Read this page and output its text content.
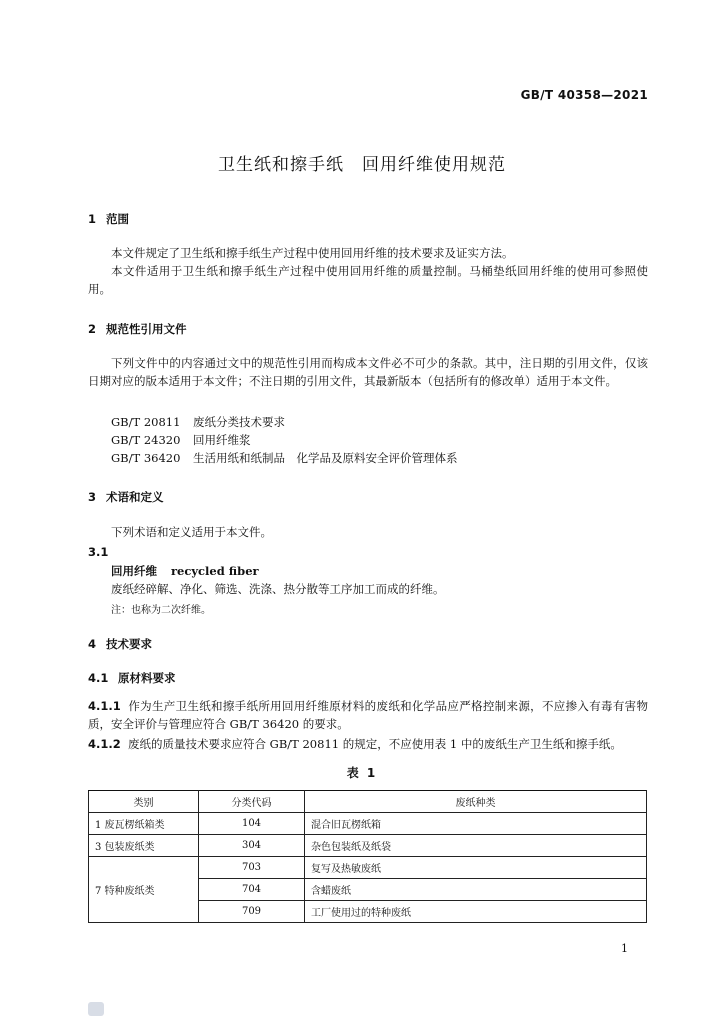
GB/T 40358—2021
卫生纸和擦手纸　回用纤维使用规范
1 范围
本文件规定了卫生纸和擦手纸生产过程中使用回用纤维的技术要求及证实方法。
本文件适用于卫生纸和擦手纸生产过程中使用回用纤维的质量控制。马桶垫纸回用纤维的使用可参照使用。
2 规范性引用文件
下列文件中的内容通过文中的规范性引用而构成本文件必不可少的条款。其中，注日期的引用文件，仅该日期对应的版本适用于本文件；不注日期的引用文件，其最新版本（包括所有的修改单）适用于本文件。
GB/T 20811 废纸分类技术要求
GB/T 24320 回用纤维浆
GB/T 36420 生活用纸和纸制品　化学品及原料安全评价管理体系
3 术语和定义
下列术语和定义适用于本文件。
3.1
回用纤维 recycled fiber
废纸经碎解、净化、筛选、洗涤、热分散等工序加工而成的纤维。
注：也称为二次纤维。
4 技术要求
4.1 原材料要求
4.1.1 作为生产卫生纸和擦手纸所用回用纤维原材料的废纸和化学品应严格控制来源，不应掺入有毒有害物质，安全评价与管理应符合 GB/T 36420 的要求。
4.1.2 废纸的质量技术要求应符合 GB/T 20811 的规定，不应使用表 1 中的废纸生产卫生纸和擦手纸。
表 1
类别	分类代码	废纸种类
1 废瓦楞纸箱类	104	混合旧瓦楞纸箱
3 包装废纸类	304	杂色包装纸及纸袋
7 特种废纸类	703	复写及热敏废纸
	704	含蜡废纸
	709	工厂使用过的特种废纸
1
